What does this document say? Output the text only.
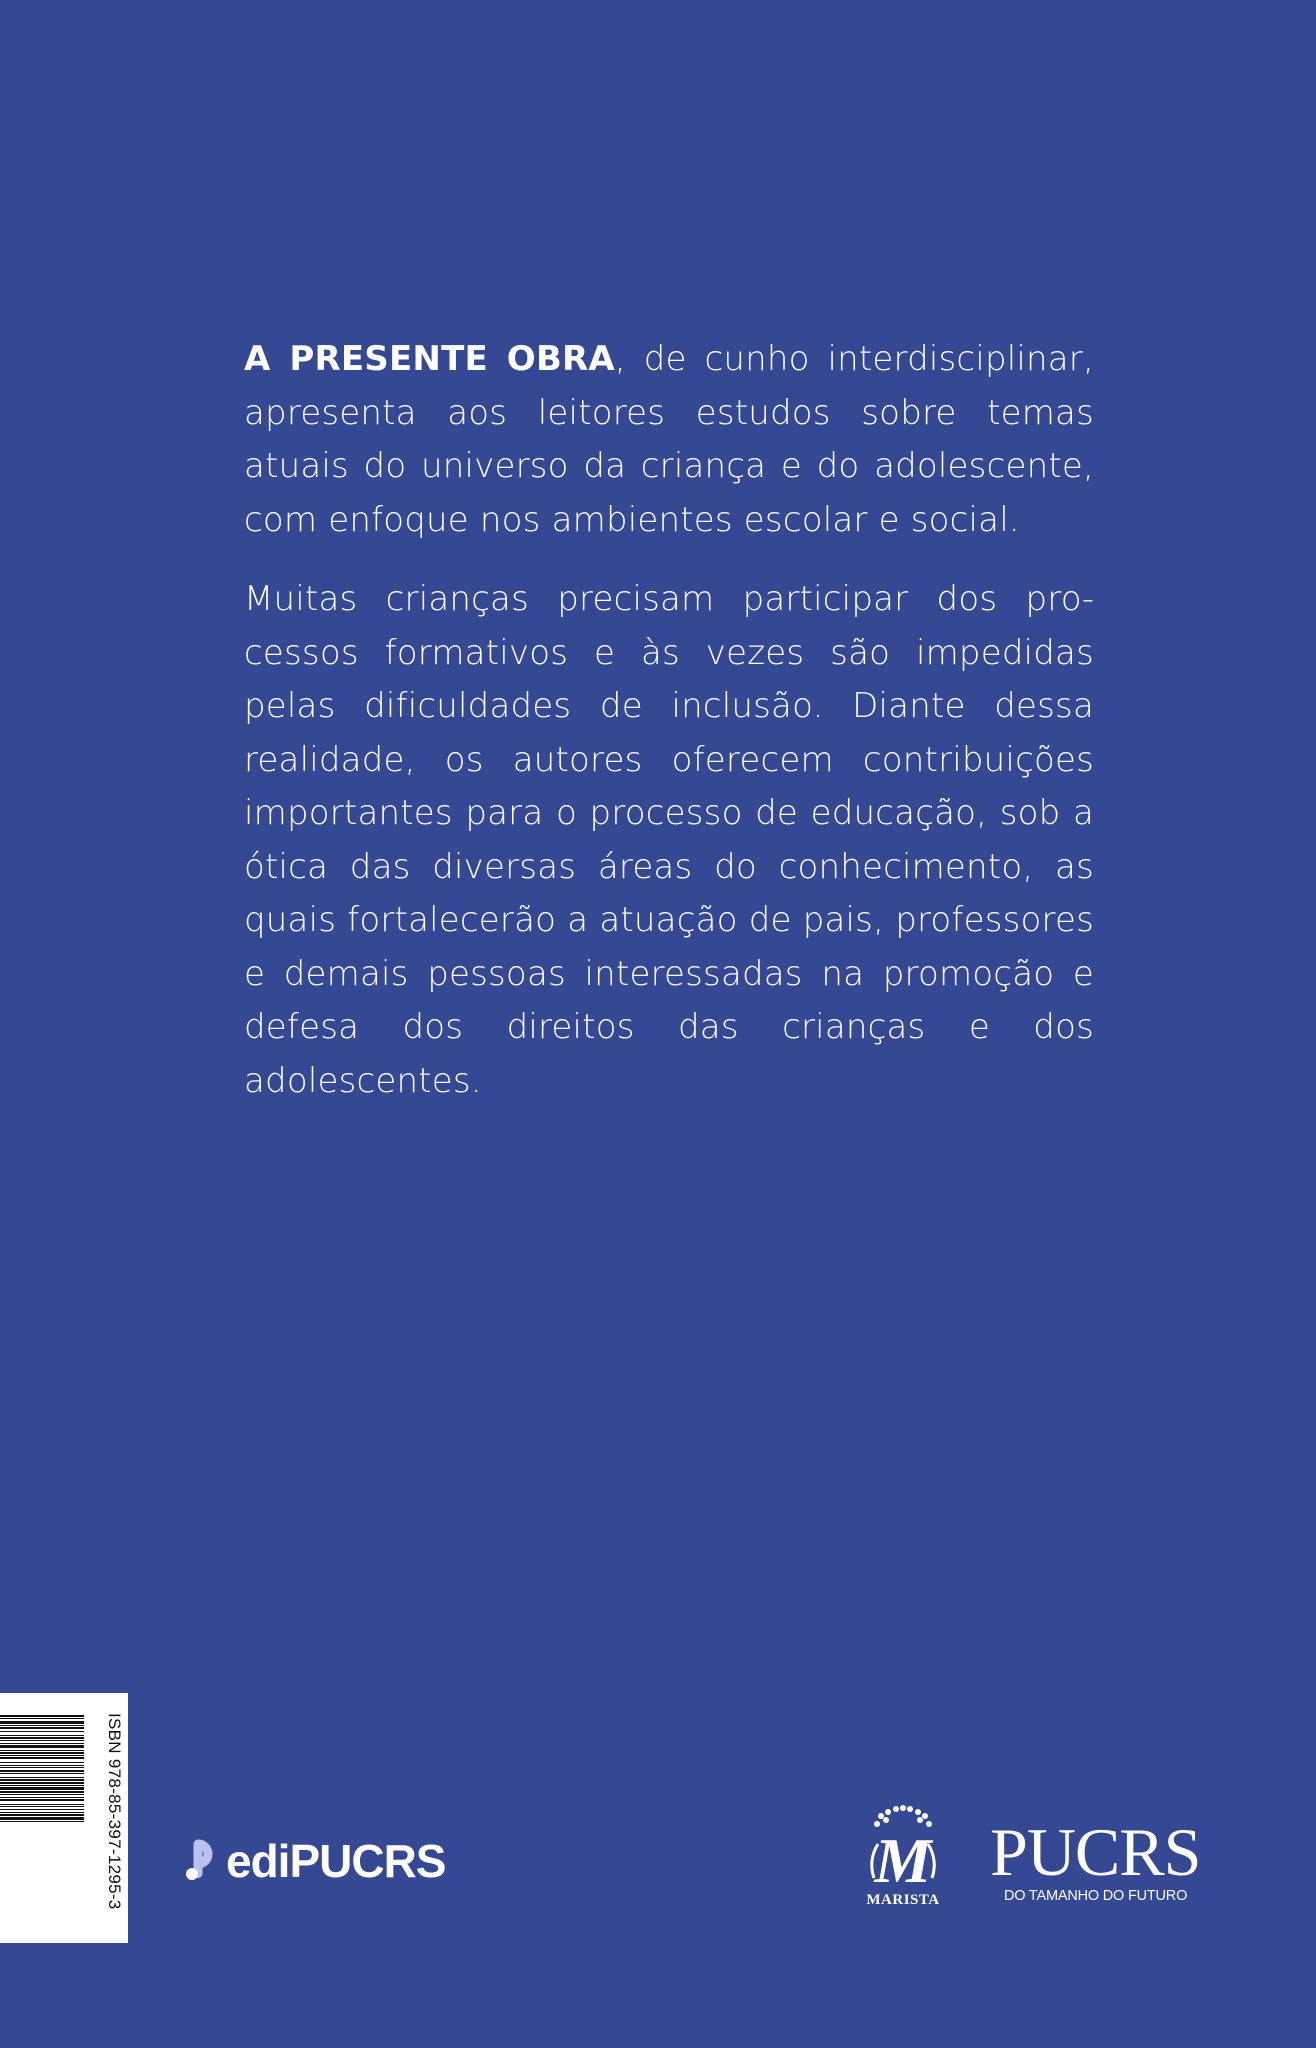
A PRESENTE OBRA, de cunho interdisciplinar, apresenta aos leitores estudos sobre temas atuais do universo da criança e do adolescente, com enfoque nos ambientes escolar e social.

Muitas crianças precisam participar dos processos formativos e às vezes são impedidas pelas dificuldades de inclusão. Diante dessa realidade, os autores oferecem contribuições importantes para o processo de educação, sob a ótica das diversas áreas do conhecimento, as quais fortalecerão a atuação de pais, professores e demais pessoas interessadas na promoção e defesa dos direitos das crianças e dos adolescentes.

ISBN 978-85-397-1295-3 ediPUCRS	M
MARISTA
PUCRS
DO TAMANHO DO FUTURO
